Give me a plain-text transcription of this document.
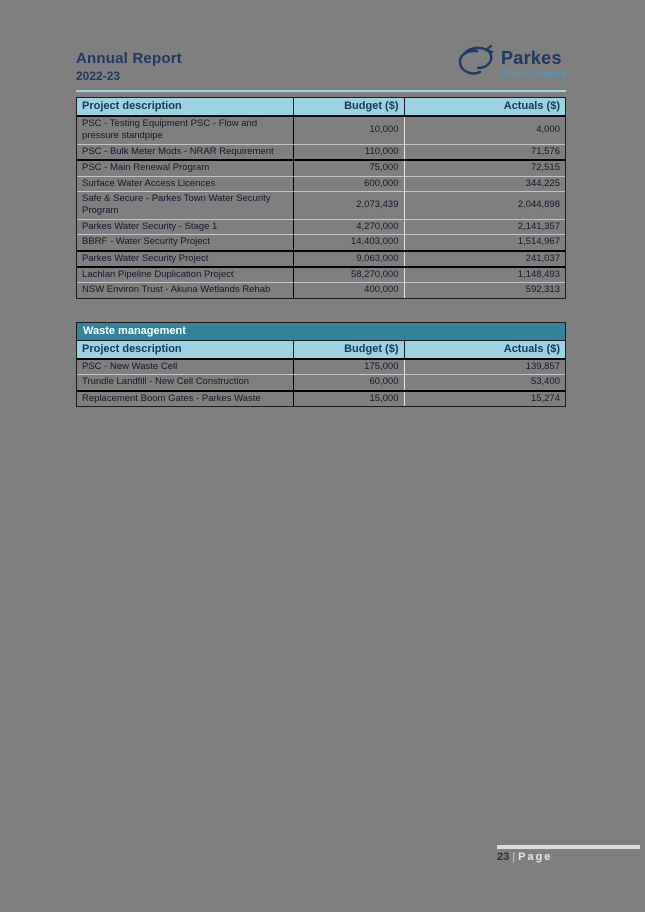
Annual Report
2022-23
Parkes
Shire Council
Project description	Budget ($)	Actuals ($)
PSC - Testing Equipment PSC - Flow and pressure standpipe	10,000	4,000
PSC - Bulk Meter Mods - NRAR Requirement	110,000	71,576
PSC - Main Renewal Program	75,000	72,515
Surface Water Access Licences	600,000	344,225
Safe & Secure - Parkes Town Water Security Program	2,073,439	2,044,898
Parkes Water Security - Stage 1	4,270,000	2,141,357
BBRF - Water Security Project	14,403,000	1,514,967
Parkes Water Security Project	9,063,000	241,037
Lachlan Pipeline Duplication Project	58,270,000	1,148,493
NSW Environ Trust - Akuna Wetlands Rehab	400,000	592,313
Waste management
Project description	Budget ($)	Actuals ($)
PSC - New Waste Cell	175,000	139,857
Trundle Landfill - New Cell Construction	60,000	53,400
Replacement Boom Gates - Parkes Waste	15,000	15,274
23 | Page
